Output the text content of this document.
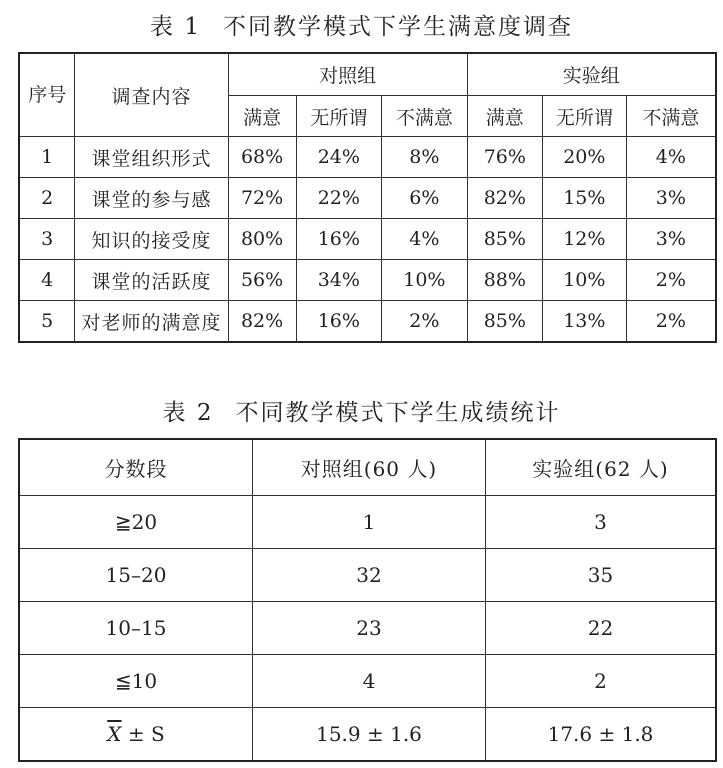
表 1 不同教学模式下学生满意度调查
序号	调查内容	对照组			实验组		
		满意	无所谓	不满意	满意	无所谓	不满意
1	课堂组织形式	68%	24%	8%	76%	20%	4%
2	课堂的参与感	72%	22%	6%	82%	15%	3%
3	知识的接受度	80%	16%	4%	85%	12%	3%
4	课堂的活跃度	56%	34%	10%	88%	10%	2%
5	对老师的满意度	82%	16%	2%	85%	13%	2%
表 2 不同教学模式下学生成绩统计
分数段	对照组(60 人)	实验组(62 人)
≧20	1	3
15–20	32	35
10–15	23	22
≦10	4	2
$\overline{X} \pm S$	15.9 ± 1.6	17.6 ± 1.8
